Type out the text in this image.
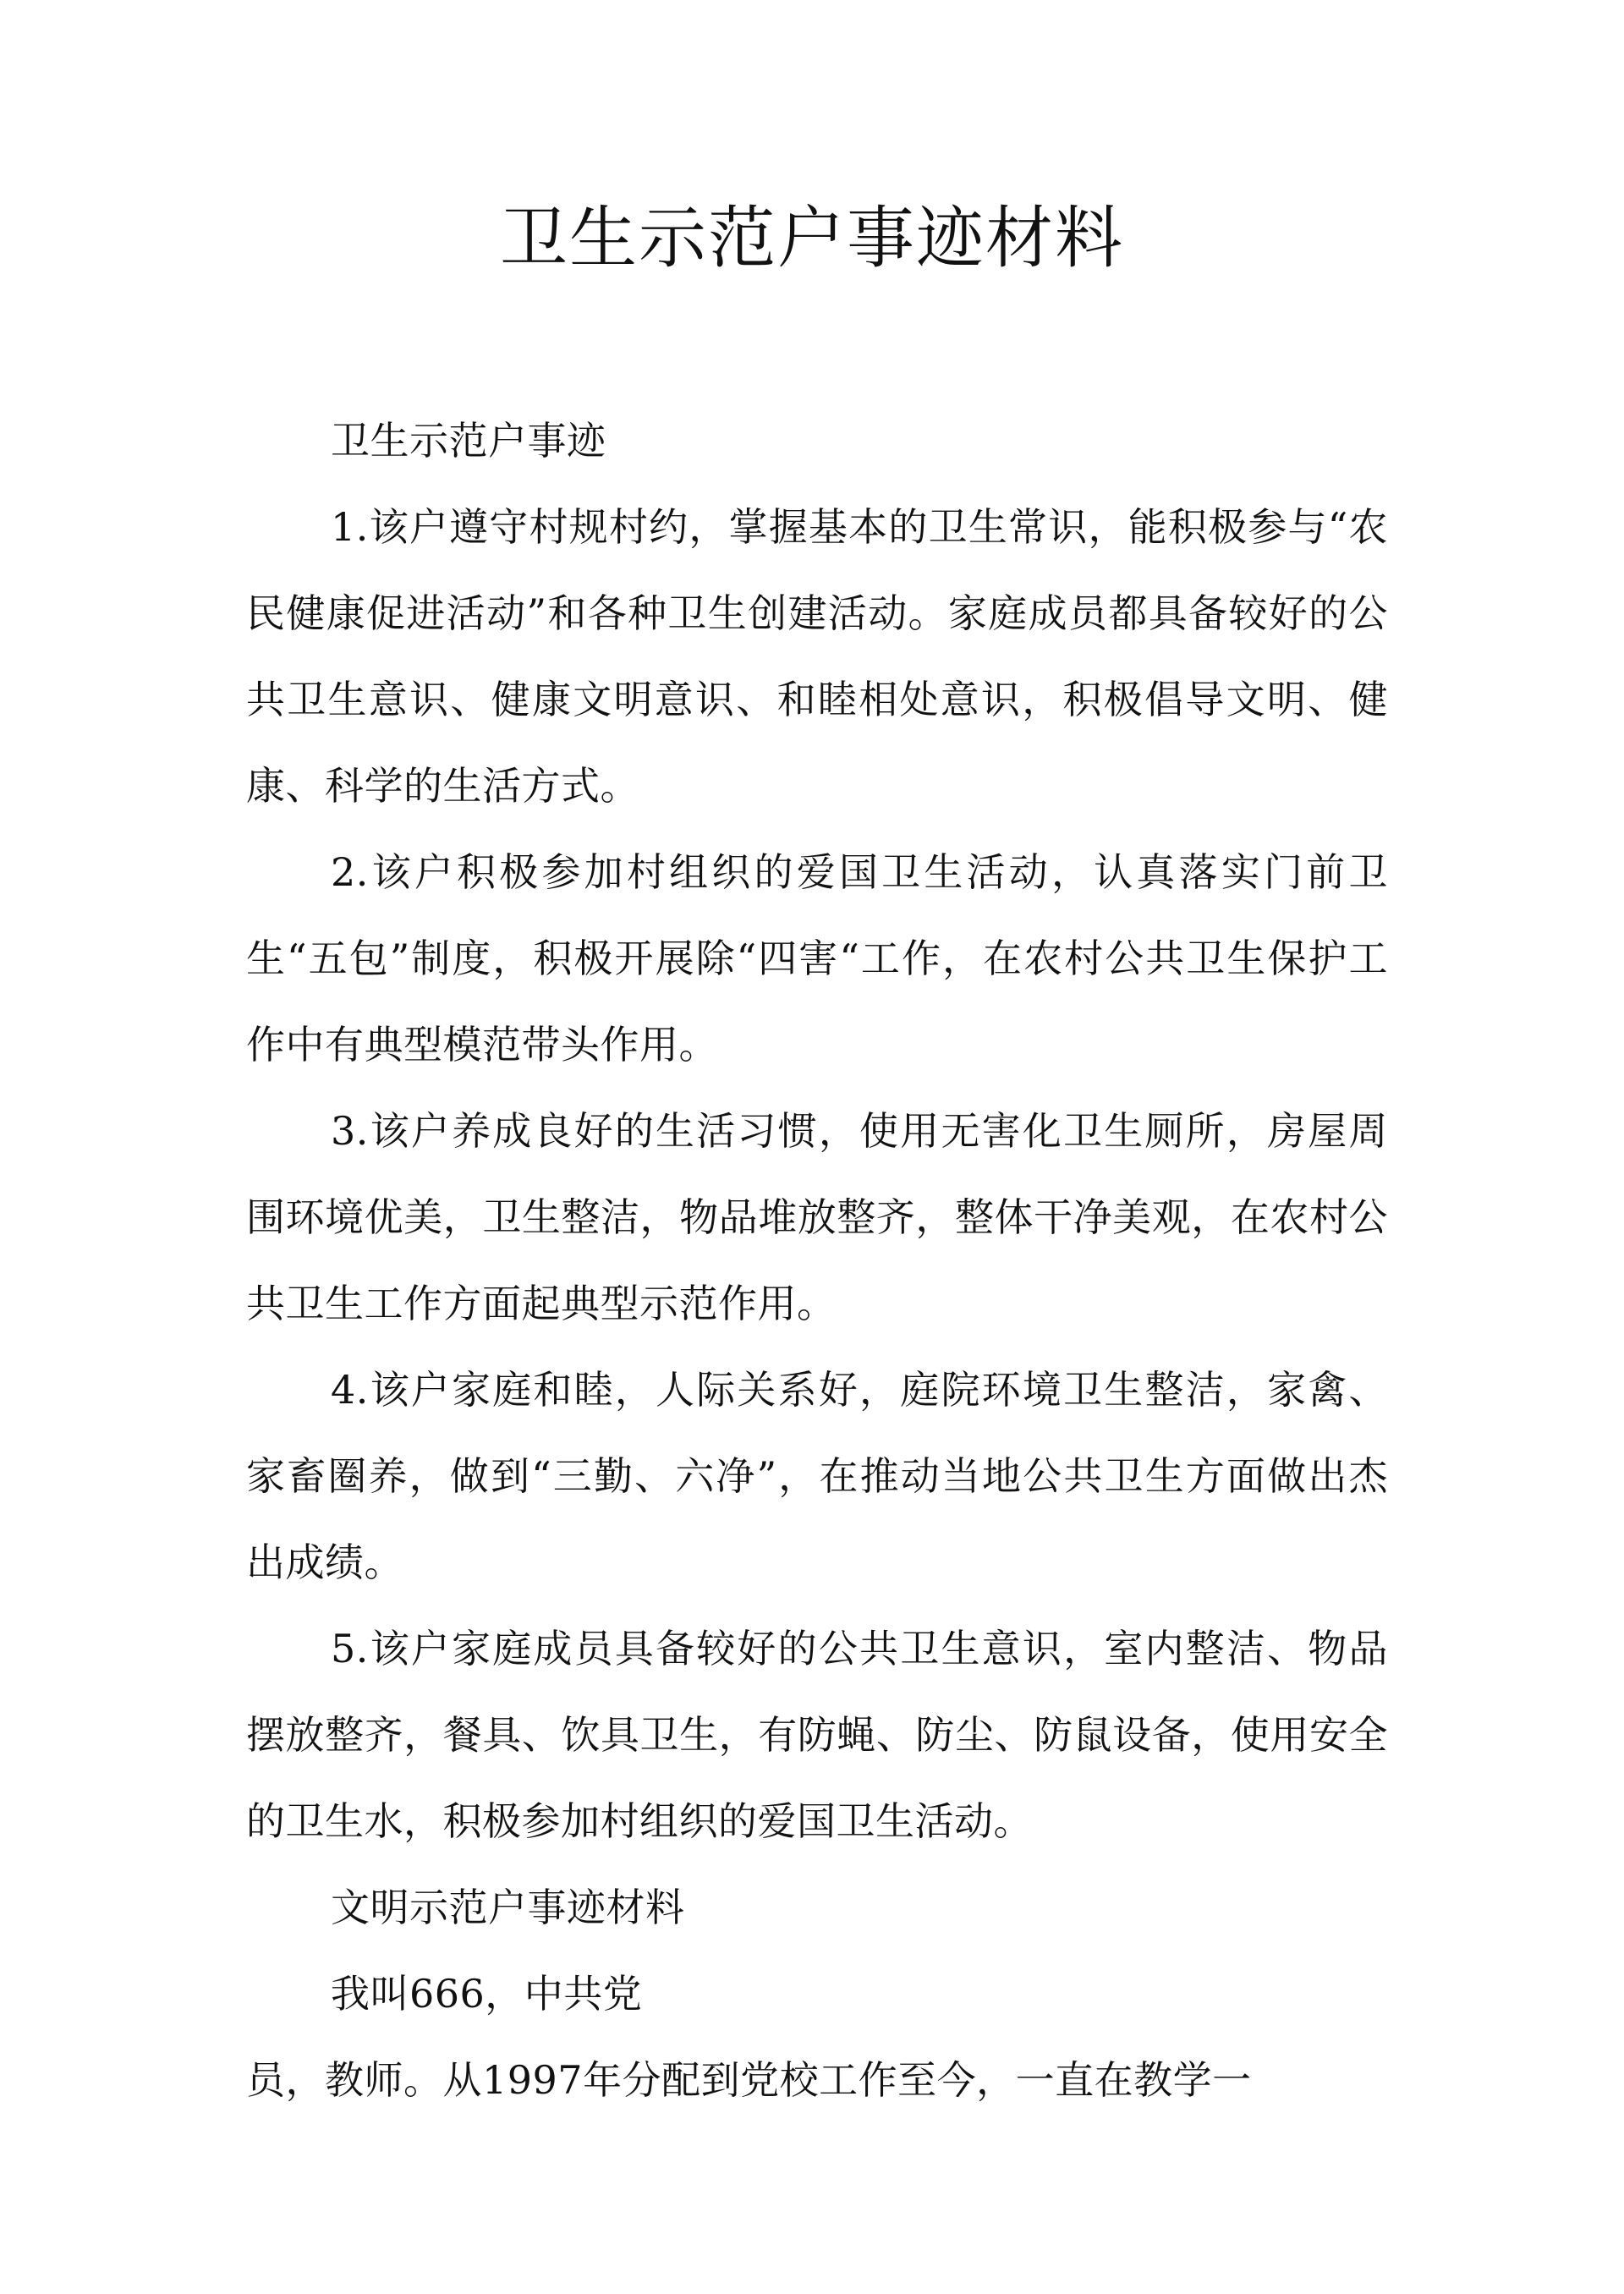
卫生示范户事迹材料

卫生示范户事迹

1.该户遵守村规村约，掌握基本的卫生常识，能积极参与“农民健康促进活动”和各种卫生创建活动。家庭成员都具备较好的公共卫生意识、健康文明意识、和睦相处意识，积极倡导文明、健康、科学的生活方式。

2.该户积极参加村组织的爱国卫生活动，认真落实门前卫生“五包”制度，积极开展除“四害“工作，在农村公共卫生保护工作中有典型模范带头作用。

3.该户养成良好的生活习惯，使用无害化卫生厕所，房屋周围环境优美，卫生整洁，物品堆放整齐，整体干净美观，在农村公共卫生工作方面起典型示范作用。

4.该户家庭和睦，人际关系好，庭院环境卫生整洁，家禽、家畜圈养，做到“三勤、六净”，在推动当地公共卫生方面做出杰出成绩。

5.该户家庭成员具备较好的公共卫生意识，室内整洁、物品摆放整齐，餐具、饮具卫生，有防蝇、防尘、防鼠设备，使用安全的卫生水，积极参加村组织的爱国卫生活动。

文明示范户事迹材料

我叫666，中共党

员，教师。从1997年分配到党校工作至今，一直在教学一
